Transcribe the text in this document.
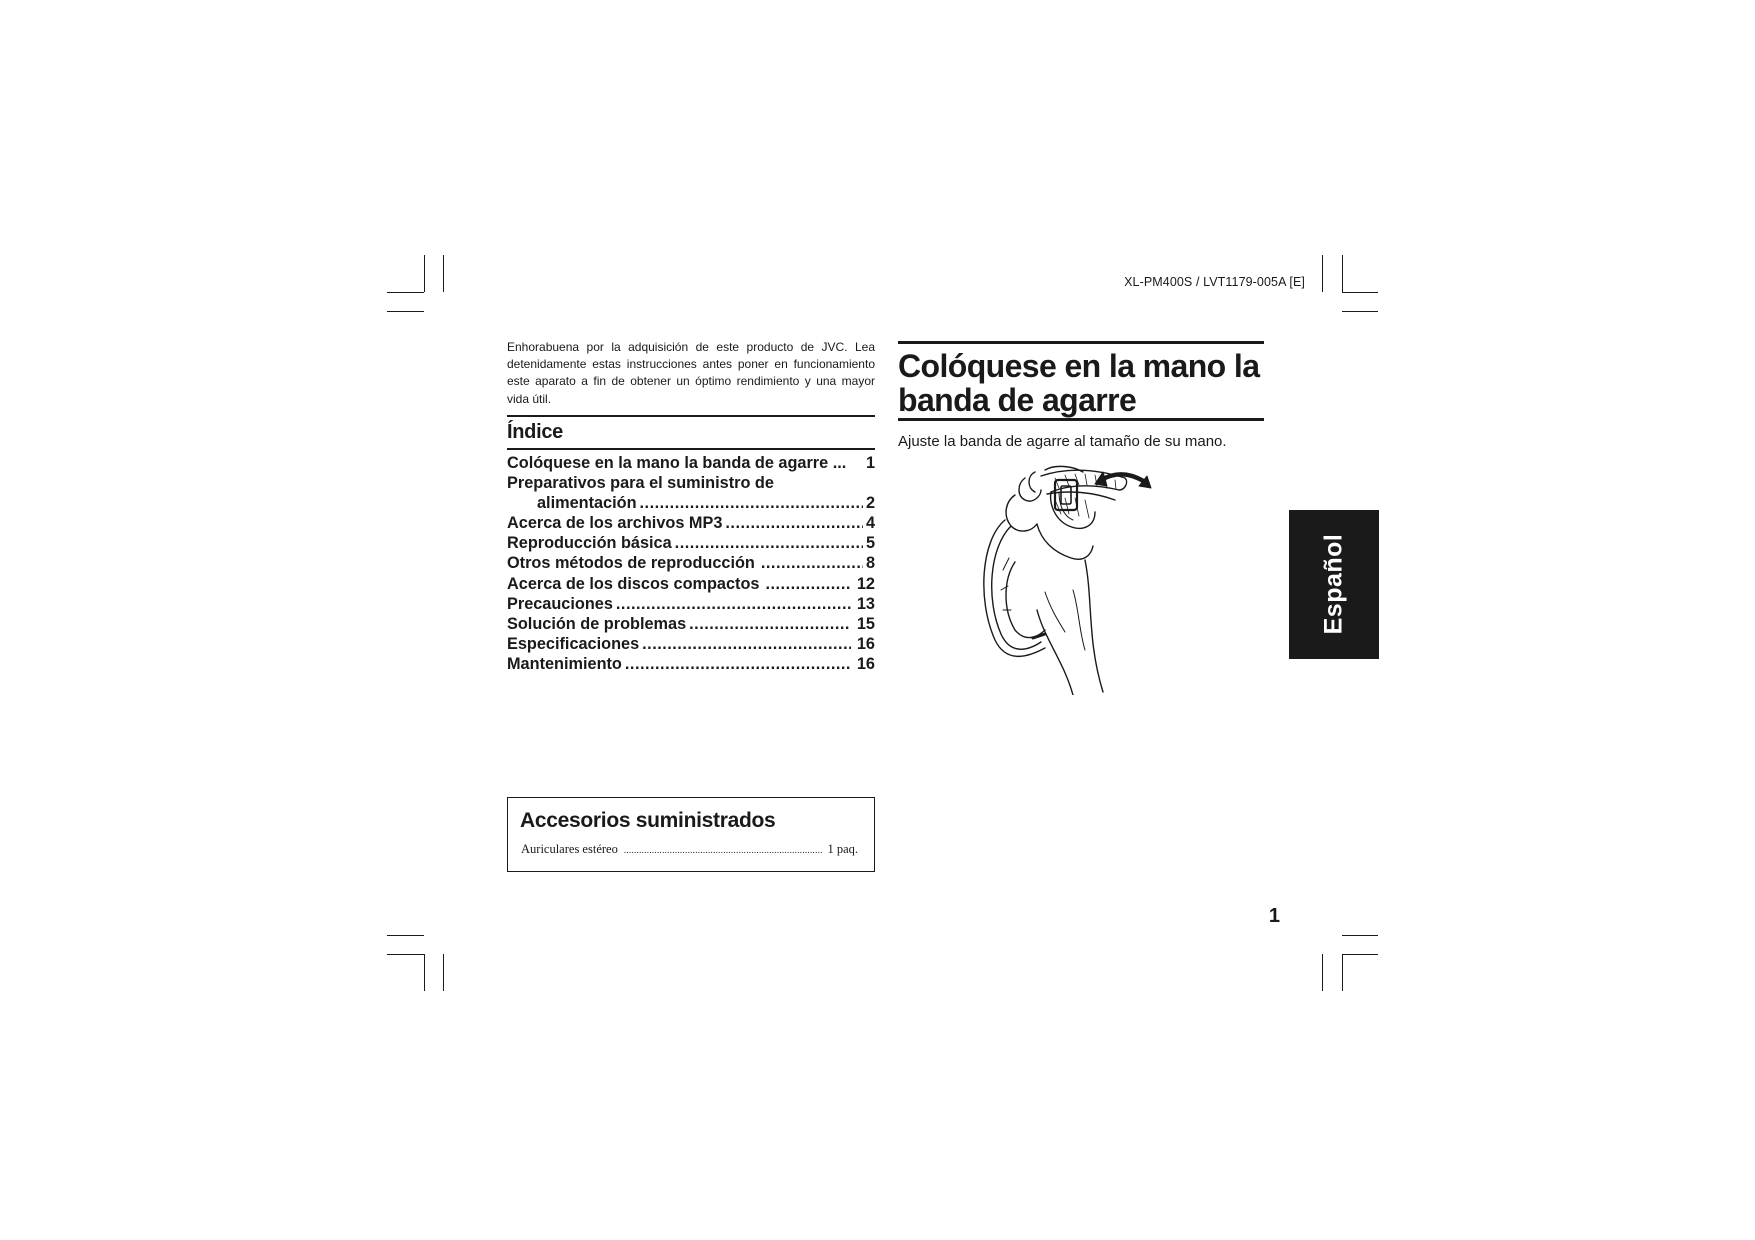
XL-PM400S / LVT1179-005A [E]
Enhorabuena por la adquisición de este producto de JVC. Lea detenidamente estas instrucciones antes poner en funcionamiento este aparato a fin de obtener un óptimo rendimiento y una mayor vida útil.
Índice
Colóquese en la mano la banda de agarre ... 1
Preparativos para el suministro de
alimentación .....	2
Acerca de los archivos MP3 .....	4
Reproducción básica .....	5
Otros métodos de reproducción .....	8
Acerca de los discos compactos .....	12
Precauciones .....	13
Solución de problemas .....	15
Especificaciones .....	16
Mantenimiento .....	16
Colóquese en la mano la
banda de agarre
Ajuste la banda de agarre al tamaño de su mano.
Accesorios suministrados
Auriculares estéreo .....	1 paq.
Español
1
